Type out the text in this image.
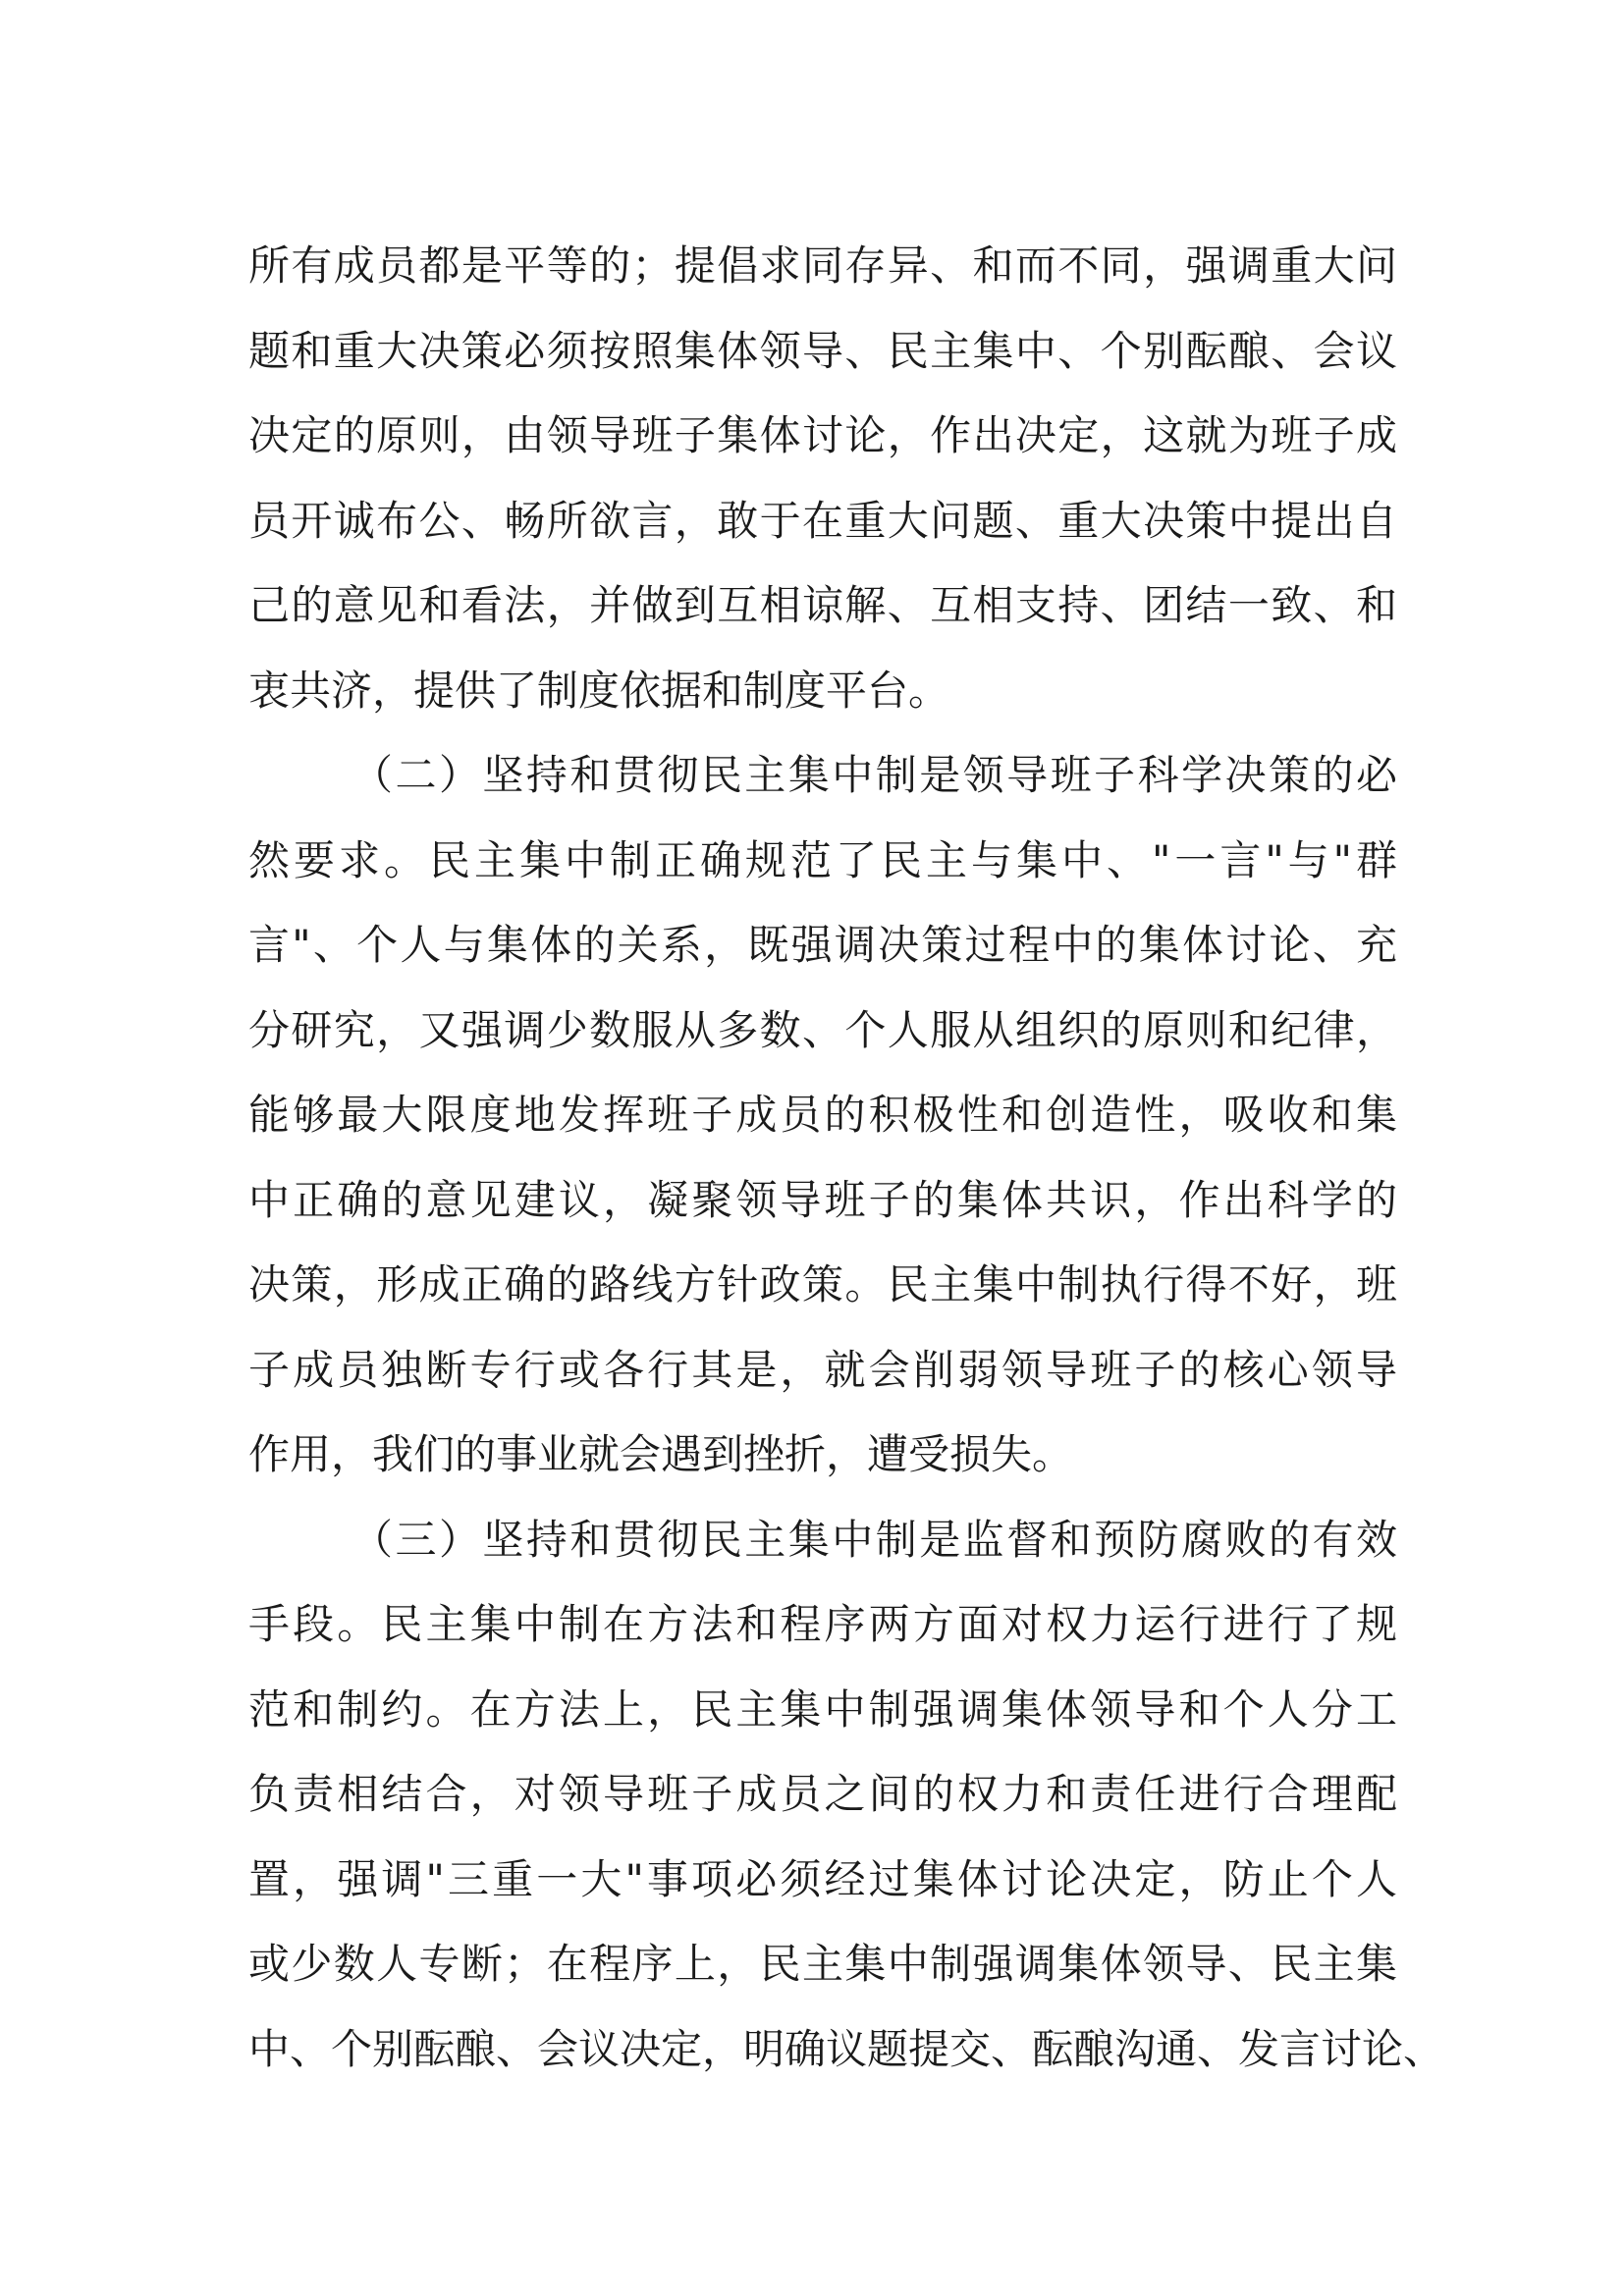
所有成员都是平等的；提倡求同存异、和而不同，强调重大问
题和重大决策必须按照集体领导、民主集中、个别酝酿、会议
决定的原则，由领导班子集体讨论，作出决定，这就为班子成
员开诚布公、畅所欲言，敢于在重大问题、重大决策中提出自
己的意见和看法，并做到互相谅解、互相支持、团结一致、和
衷共济，提供了制度依据和制度平台。
（二）坚持和贯彻民主集中制是领导班子科学决策的必
然要求。民主集中制正确规范了民主与集中、"一言"与"群
言"、个人与集体的关系，既强调决策过程中的集体讨论、充
分研究，又强调少数服从多数、个人服从组织的原则和纪律，
能够最大限度地发挥班子成员的积极性和创造性，吸收和集
中正确的意见建议，凝聚领导班子的集体共识，作出科学的
决策，形成正确的路线方针政策。民主集中制执行得不好，班
子成员独断专行或各行其是，就会削弱领导班子的核心领导
作用，我们的事业就会遇到挫折，遭受损失。
（三）坚持和贯彻民主集中制是监督和预防腐败的有效
手段。民主集中制在方法和程序两方面对权力运行进行了规
范和制约。在方法上，民主集中制强调集体领导和个人分工
负责相结合，对领导班子成员之间的权力和责任进行合理配
置，强调"三重一大"事项必须经过集体讨论决定，防止个人
或少数人专断；在程序上，民主集中制强调集体领导、民主集
中、个别酝酿、会议决定，明确议题提交、酝酿沟通、发言讨论、
